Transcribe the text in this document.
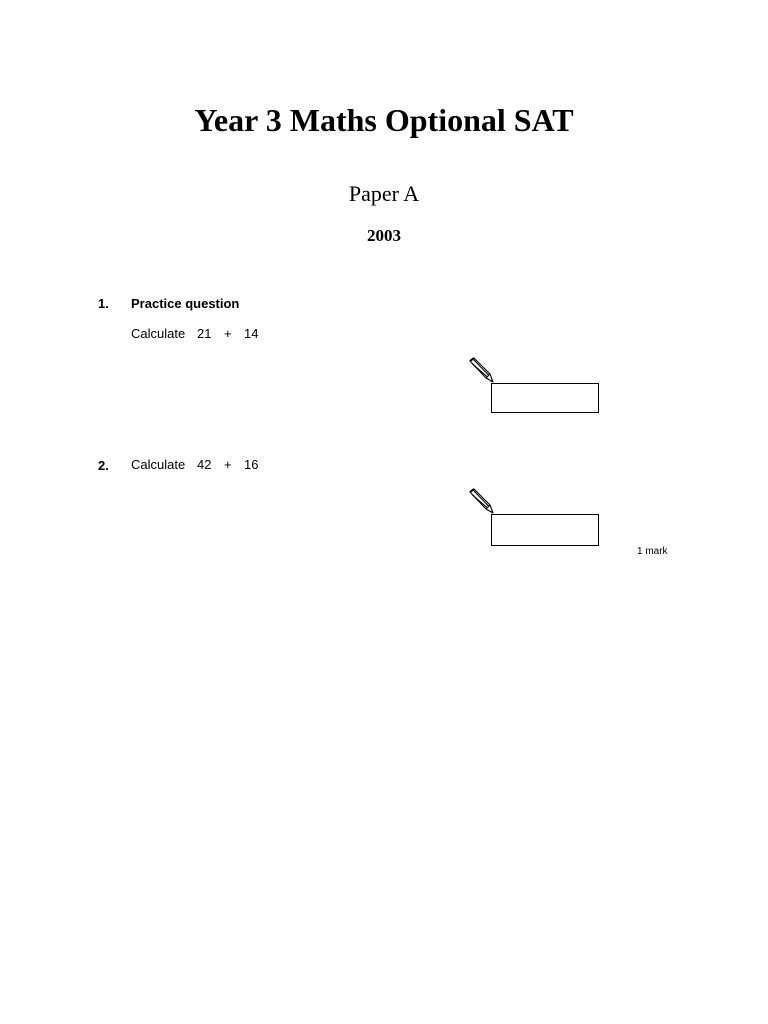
Year 3 Maths Optional SAT
Paper A
2003
1. Practice question
Calculate 21 + 14
2. Calculate 42 + 16
1 mark
